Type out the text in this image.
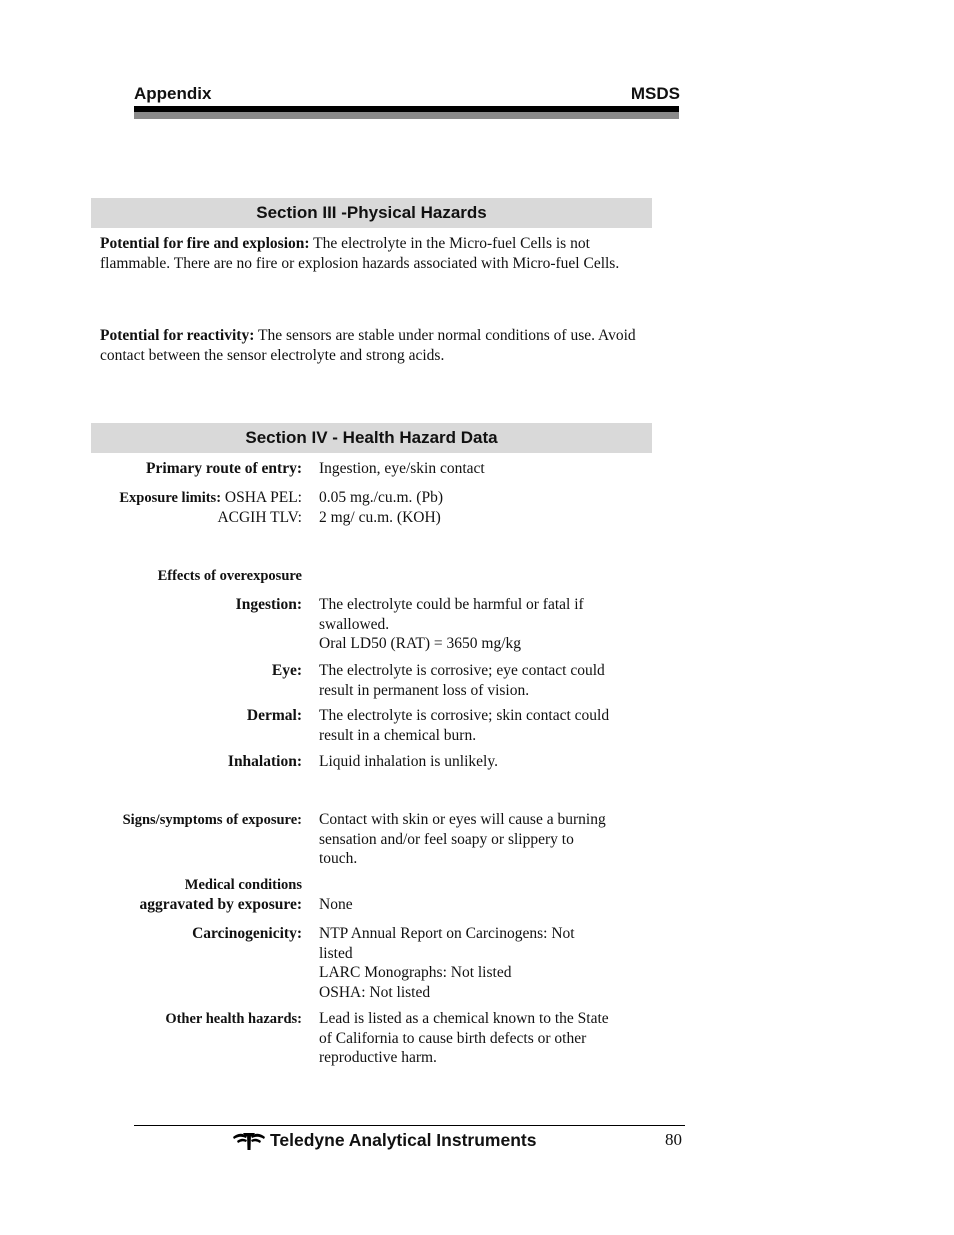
Appendix	MSDS
Section III -Physical Hazards
Potential for fire and explosion: The electrolyte in the Micro-fuel Cells is not flammable. There are no fire or explosion hazards associated with Micro-fuel Cells.
Potential for reactivity: The sensors are stable under normal conditions of use. Avoid contact between the sensor electrolyte and strong acids.
Section IV - Health Hazard Data
Primary route of entry: Ingestion, eye/skin contact
Exposure limits: OSHA PEL: 0.05 mg./cu.m. (Pb)
ACGIH TLV: 2 mg/ cu.m. (KOH)
Effects of overexposure
Ingestion: The electrolyte could be harmful or fatal if
swallowed.
Oral LD50 (RAT) = 3650 mg/kg
Eye: The electrolyte is corrosive; eye contact could
result in permanent loss of vision.
Dermal: The electrolyte is corrosive; skin contact could
result in a chemical burn.
Inhalation: Liquid inhalation is unlikely.
Signs/symptoms of exposure: Contact with skin or eyes will cause a burning
sensation and/or feel soapy or slippery to
touch.
Medical conditions
aggravated by exposure: None
Carcinogenicity: NTP Annual Report on Carcinogens: Not
listed
LARC Monographs: Not listed
OSHA: Not listed
Other health hazards: Lead is listed as a chemical known to the State
of California to cause birth defects or other
reproductive harm.
Teledyne Analytical Instruments	80
